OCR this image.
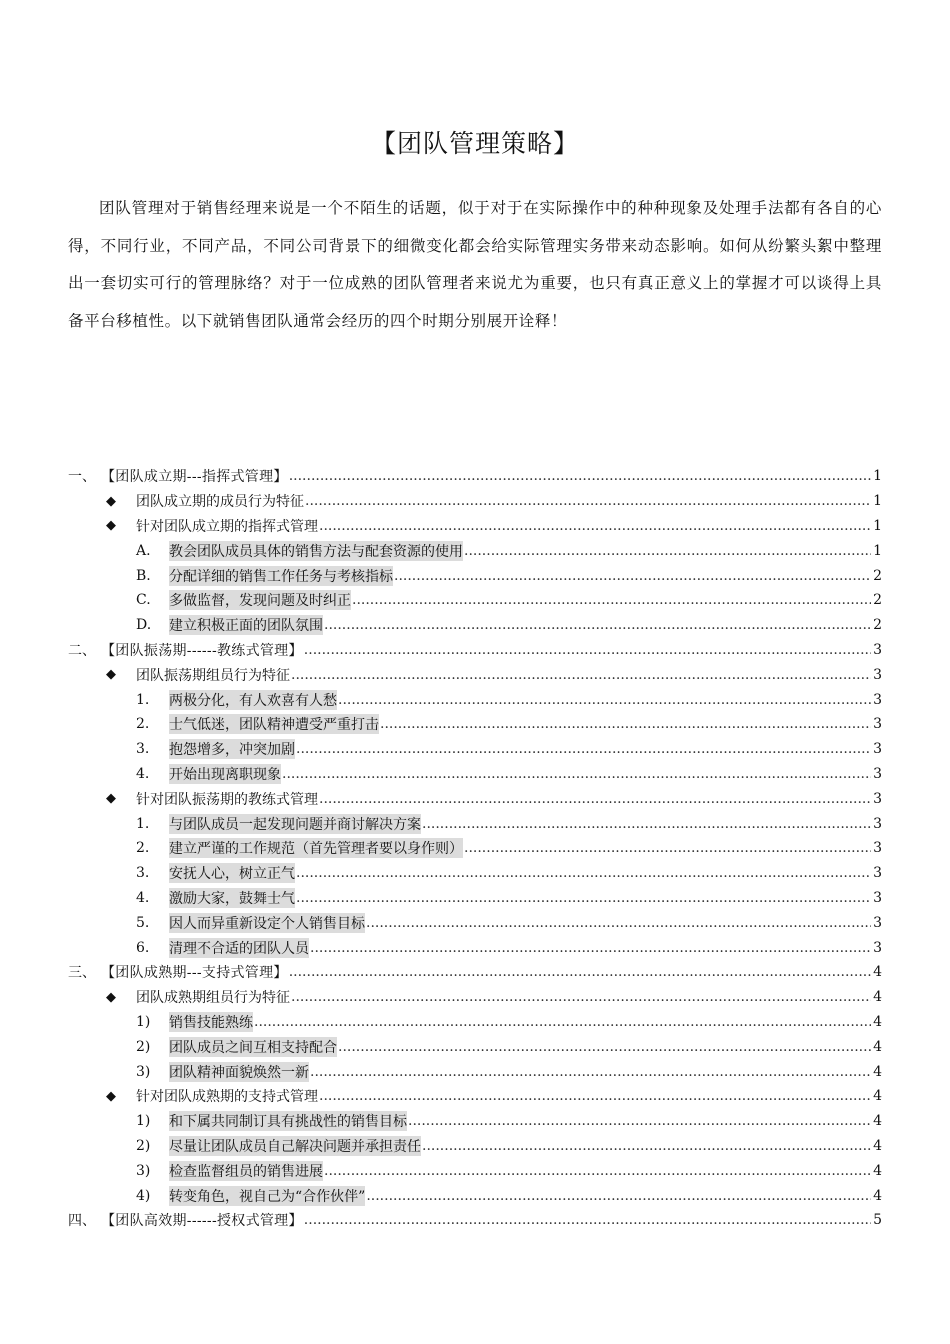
【团队管理策略】

团队管理对于销售经理来说是一个不陌生的话题，似于对于在实际操作中的种种现象及处理手法都有各自的心得，不同行业，不同产品，不同公司背景下的细微变化都会给实际管理实务带来动态影响。如何从纷繁头絮中整理出一套切实可行的管理脉络？对于一位成熟的团队管理者来说尤为重要，也只有真正意义上的掌握才可以谈得上具备平台移植性。以下就销售团队通常会经历的四个时期分别展开诠释！

一、 【团队成立期---指挥式管理】 .....	1
◆	团队成立期的成员行为特征 .....	1
◆	针对团队成立期的指挥式管理 .....	1
A.	教会团队成员具体的销售方法与配套资源的使用 .....	1
B.	分配详细的销售工作任务与考核指标 .....	2
C.	多做监督，发现问题及时纠正 .....	2
D.	建立积极正面的团队氛围 .....	2
二、 【团队振荡期------教练式管理】 .....	3
◆	团队振荡期组员行为特征 .....	3
1.	两极分化，有人欢喜有人愁 .....	3
2.	士气低迷，团队精神遭受严重打击 .....	3
3.	抱怨增多，冲突加剧 .....	3
4.	开始出现离职现象 .....	3
◆	针对团队振荡期的教练式管理 .....	3
1.	与团队成员一起发现问题并商讨解决方案 .....	3
2.	建立严谨的工作规范（首先管理者要以身作则） .....	3
3.	安抚人心，树立正气 .....	3
4.	激励大家，鼓舞士气 .....	3
5.	因人而异重新设定个人销售目标 .....	3
6.	清理不合适的团队人员 .....	3
三、 【团队成熟期---支持式管理】 .....	4
◆	团队成熟期组员行为特征 .....	4
1)	销售技能熟练 .....	4
2)	团队成员之间互相支持配合 .....	4
3)	团队精神面貌焕然一新 .....	4
◆	针对团队成熟期的支持式管理 .....	4
1)	和下属共同制订具有挑战性的销售目标 .....	4
2)	尽量让团队成员自己解决问题并承担责任 .....	4
3)	检查监督组员的销售进展 .....	4
4)	转变角色，视自己为“合作伙伴” .....	4
四、 【团队高效期------授权式管理】 .....	5
